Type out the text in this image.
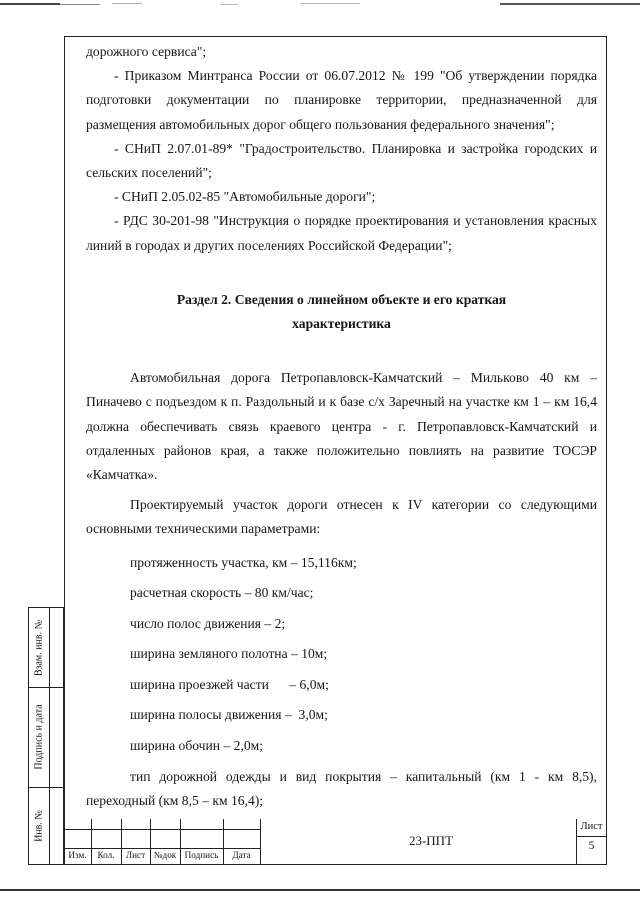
дорожного сервиса";

- Приказом Минтранса России от 06.07.2012 № 199 "Об утверждении порядка подготовки документации по планировке территории, предназначенной для размещения автомобильных дорог общего пользования федерального значения";

- СНиП 2.07.01-89* "Градостроительство. Планировка и застройка городских и сельских поселений";

- СНиП 2.05.02-85 "Автомобильные дороги";

- РДС 30-201-98 "Инструкция о порядке проектирования и установления красных линий в городах и других поселениях Российской Федерации";

Раздел 2. Сведения о линейном объекте и его краткая

характеристика

Автомобильная дорога Петропавловск-Камчатский – Мильково 40 км – Пиначево с подъездом к п. Раздольный и к базе с/х Заречный на участке км 1 – км 16,4 должна обеспечивать связь краевого центра - г. Петропавловск-Камчатский и отдаленных районов края, а также положительно повлиять на развитие ТОСЭР «Камчатка».

Проектируемый участок дороги отнесен к IV категории со следующими основными техническими параметрами:

протяженность участка, км – 15,116км;

расчетная скорость – 80 км/час;

число полос движения – 2;

ширина земляного полотна – 10м;

ширина проезжей части      – 6,0м;

ширина полосы движения –  3,0м;

ширина обочин – 2,0м;

тип дорожной одежды и вид покрытия – капитальный (км 1 - км 8,5), переходный (км 8,5 – км 16,4);

Взам. инв. №
Подпись и дата
Инв. №
Изм.	Кол.	Лист №док Подпись	Дата
23-ППТ
Лист
5
